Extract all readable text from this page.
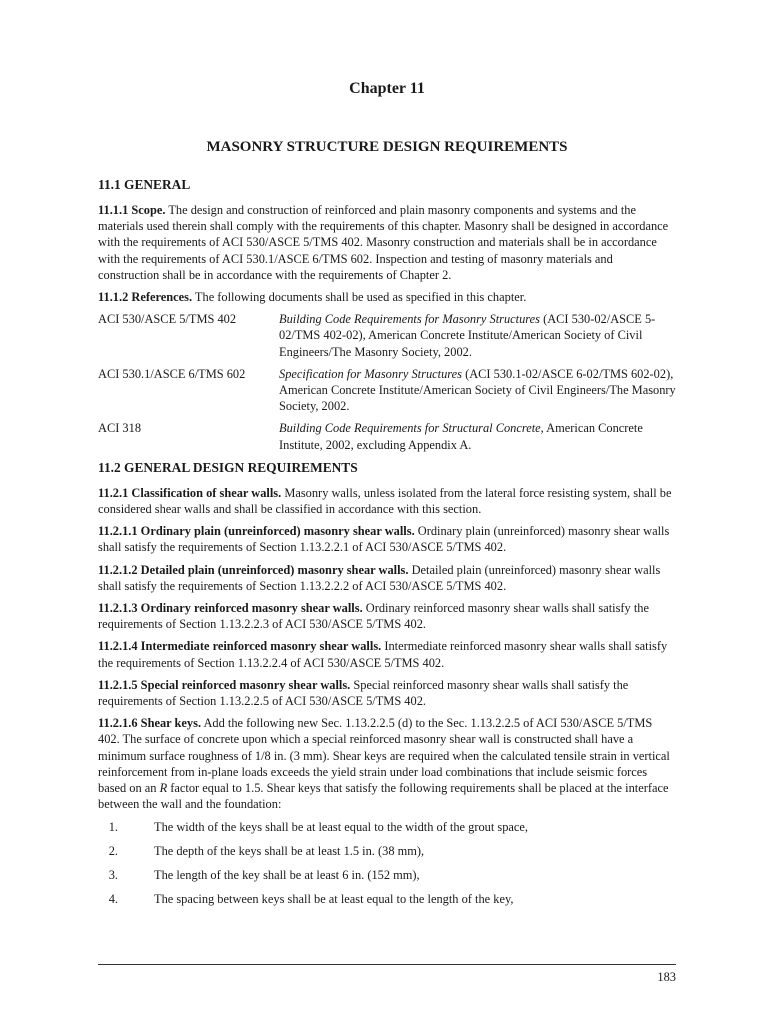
Chapter 11
MASONRY STRUCTURE DESIGN REQUIREMENTS
11.1 GENERAL

11.1.1 Scope. The design and construction of reinforced and plain masonry components and systems and the materials used therein shall comply with the requirements of this chapter. Masonry shall be designed in accordance with the requirements of ACI 530/ASCE 5/TMS 402. Masonry construction and materials shall be in accordance with the requirements of ACI 530.1/ASCE 6/TMS 602. Inspection and testing of masonry materials and construction shall be in accordance with the requirements of Chapter 2.

11.1.2 References. The following documents shall be used as specified in this chapter.

ACI 530/ASCE 5/TMS 402	Building Code Requirements for Masonry Structures (ACI 530-02/ASCE 5-02/TMS 402-02), American Concrete Institute/American Society of Civil Engineers/The Masonry Society, 2002.
ACI 530.1/ASCE 6/TMS 602	Specification for Masonry Structures (ACI 530.1-02/ASCE 6-02/TMS 602-02), American Concrete Institute/American Society of Civil Engineers/The Masonry Society, 2002.
ACI 318	Building Code Requirements for Structural Concrete, American Concrete Institute, 2002, excluding Appendix A.
11.2 GENERAL DESIGN REQUIREMENTS

11.2.1 Classification of shear walls. Masonry walls, unless isolated from the lateral force resisting system, shall be considered shear walls and shall be classified in accordance with this section.

11.2.1.1 Ordinary plain (unreinforced) masonry shear walls. Ordinary plain (unreinforced) masonry shear walls shall satisfy the requirements of Section 1.13.2.2.1 of ACI 530/ASCE 5/TMS 402.

11.2.1.2 Detailed plain (unreinforced) masonry shear walls. Detailed plain (unreinforced) masonry shear walls shall satisfy the requirements of Section 1.13.2.2.2 of ACI 530/ASCE 5/TMS 402.

11.2.1.3 Ordinary reinforced masonry shear walls. Ordinary reinforced masonry shear walls shall satisfy the requirements of Section 1.13.2.2.3 of ACI 530/ASCE 5/TMS 402.

11.2.1.4 Intermediate reinforced masonry shear walls. Intermediate reinforced masonry shear walls shall satisfy the requirements of Section 1.13.2.2.4 of ACI 530/ASCE 5/TMS 402.

11.2.1.5 Special reinforced masonry shear walls. Special reinforced masonry shear walls shall satisfy the requirements of Section 1.13.2.2.5 of ACI 530/ASCE 5/TMS 402.

11.2.1.6 Shear keys. Add the following new Sec. 1.13.2.2.5 (d) to the Sec. 1.13.2.2.5 of ACI 530/ASCE 5/TMS 402. The surface of concrete upon which a special reinforced masonry shear wall is constructed shall have a minimum surface roughness of 1/8 in. (3 mm). Shear keys are required when the calculated tensile strain in vertical reinforcement from in-plane loads exceeds the yield strain under load combinations that include seismic forces based on an R factor equal to 1.5. Shear keys that satisfy the following requirements shall be placed at the interface between the wall and the foundation:

1.	The width of the keys shall be at least equal to the width of the grout space,
2.	The depth of the keys shall be at least 1.5 in. (38 mm),
3.	The length of the key shall be at least 6 in. (152 mm),
4.	The spacing between keys shall be at least equal to the length of the key,
183
